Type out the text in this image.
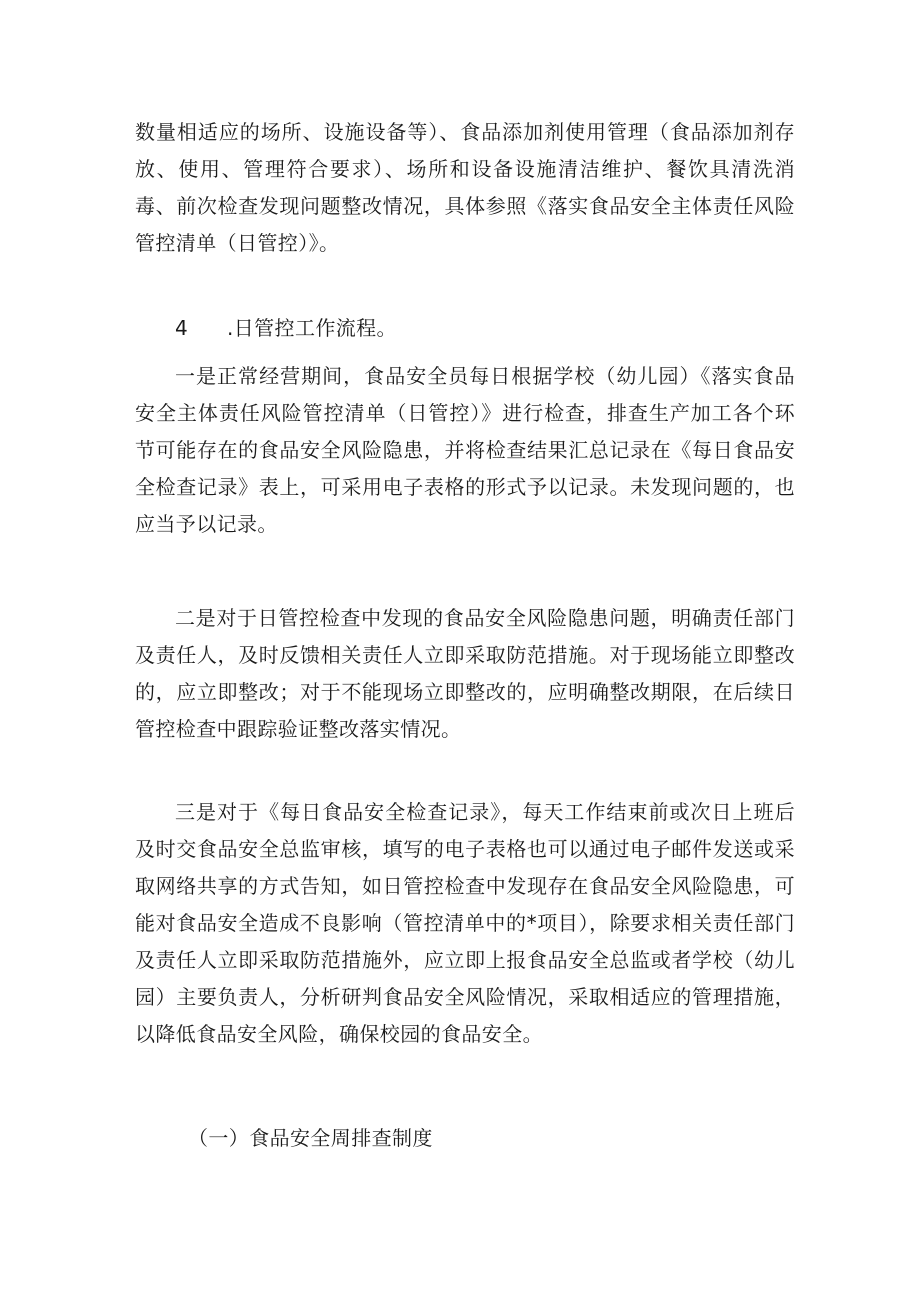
数量相适应的场所、设施设备等）、食品添加剂使用管理（食品添加剂存放、使用、管理符合要求）、场所和设备设施清洁维护、餐饮具清洗消毒、前次检查发现问题整改情况，具体参照《落实食品安全主体责任风险管控清单（日管控）》。

4 .日管控工作流程。

一是正常经营期间，食品安全员每日根据学校（幼儿园）《落实食品安全主体责任风险管控清单（日管控）》进行检查，排查生产加工各个环节可能存在的食品安全风险隐患，并将检查结果汇总记录在《每日食品安全检查记录》表上，可采用电子表格的形式予以记录。未发现问题的，也应当予以记录。

二是对于日管控检查中发现的食品安全风险隐患问题，明确责任部门及责任人，及时反馈相关责任人立即采取防范措施。对于现场能立即整改的，应立即整改；对于不能现场立即整改的，应明确整改期限，在后续日管控检查中跟踪验证整改落实情况。

三是对于《每日食品安全检查记录》，每天工作结束前或次日上班后及时交食品安全总监审核，填写的电子表格也可以通过电子邮件发送或采取网络共享的方式告知，如日管控检查中发现存在食品安全风险隐患，可能对食品安全造成不良影响（管控清单中的*项目），除要求相关责任部门及责任人立即采取防范措施外，应立即上报食品安全总监或者学校（幼儿园）主要负责人，分析研判食品安全风险情况，采取相适应的管理措施，以降低食品安全风险，确保校园的食品安全。

（一）食品安全周排查制度
